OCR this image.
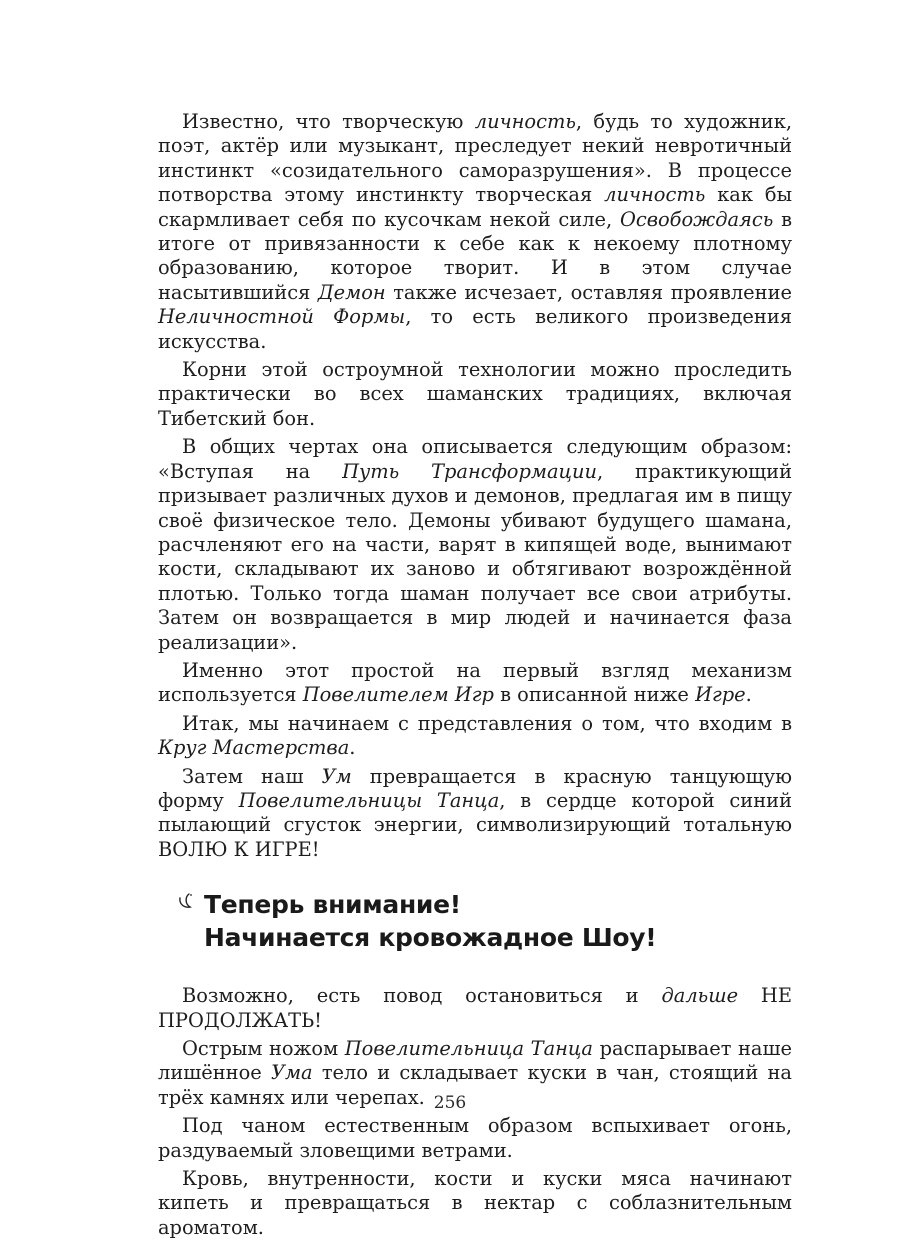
Известно, что творческую личность, будь то художник, поэт, актёр или музыкант, преследует некий невротичный инстинкт «созидательного саморазрушения». В процессе потворства этому инстинкту творческая личность как бы скармливает себя по кусочкам некой силе, Освобождаясь в итоге от привязанности к себе как к некоему плотному образованию, которое творит. И в этом случае насытившийся Демон также исчезает, оставляя проявление Неличностной Формы, то есть великого произведения искусства.

Корни этой остроумной технологии можно проследить практически во всех шаманских традициях, включая Тибетский бон.

В общих чертах она описывается следующим образом: «Вступая на Путь Трансформации, практикующий призывает различных духов и демонов, предлагая им в пищу своё физическое тело. Демоны убивают будущего шамана, расчленяют его на части, варят в кипящей воде, вынимают кости, складывают их заново и обтягивают возрождённой плотью. Только тогда шаман получает все свои атрибуты. Затем он возвращается в мир людей и начинается фаза реализации».

Именно этот простой на первый взгляд механизм используется Повелителем Игр в описанной ниже Игре.

Итак, мы начинаем с представления о том, что входим в Круг Мастерства.

Затем наш Ум превращается в красную танцующую форму Повелительницы Танца, в сердце которой синий пылающий сгусток энергии, символизирующий тотальную ВОЛЮ К ИГРЕ!

Теперь внимание!
Начинается кровожадное Шоу!

Возможно, есть повод остановиться и дальше НЕ ПРОДОЛЖАТЬ!

Острым ножом Повелительница Танца распарывает наше лишённое Ума тело и складывает куски в чан, стоящий на трёх камнях или черепах.

Под чаном естественным образом вспыхивает огонь, раздуваемый зловещими ветрами.

Кровь, внутренности, кости и куски мяса начинают кипеть и превращаться в нектар с соблазнительным ароматом.

256
